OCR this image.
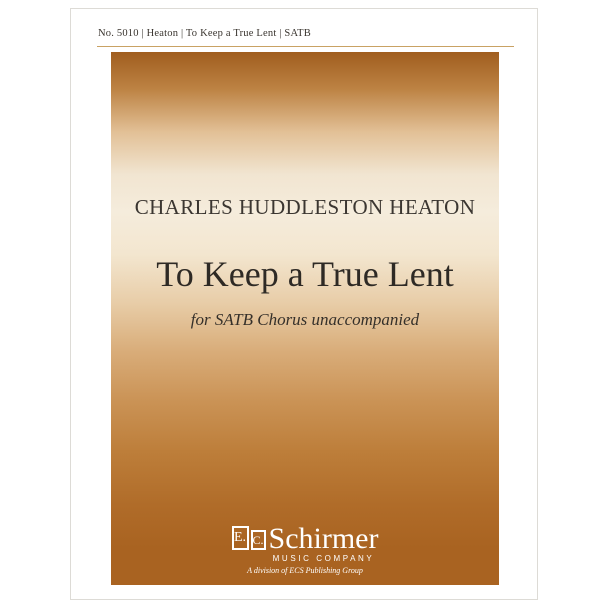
No. 5010 | Heaton | To Keep a True Lent | SATB
CHARLES HUDDLESTON HEATON
To Keep a True Lent
for SATB Chorus unaccompanied
E. C. Schirmer
MUSIC COMPANY
A division of ECS Publishing Group
